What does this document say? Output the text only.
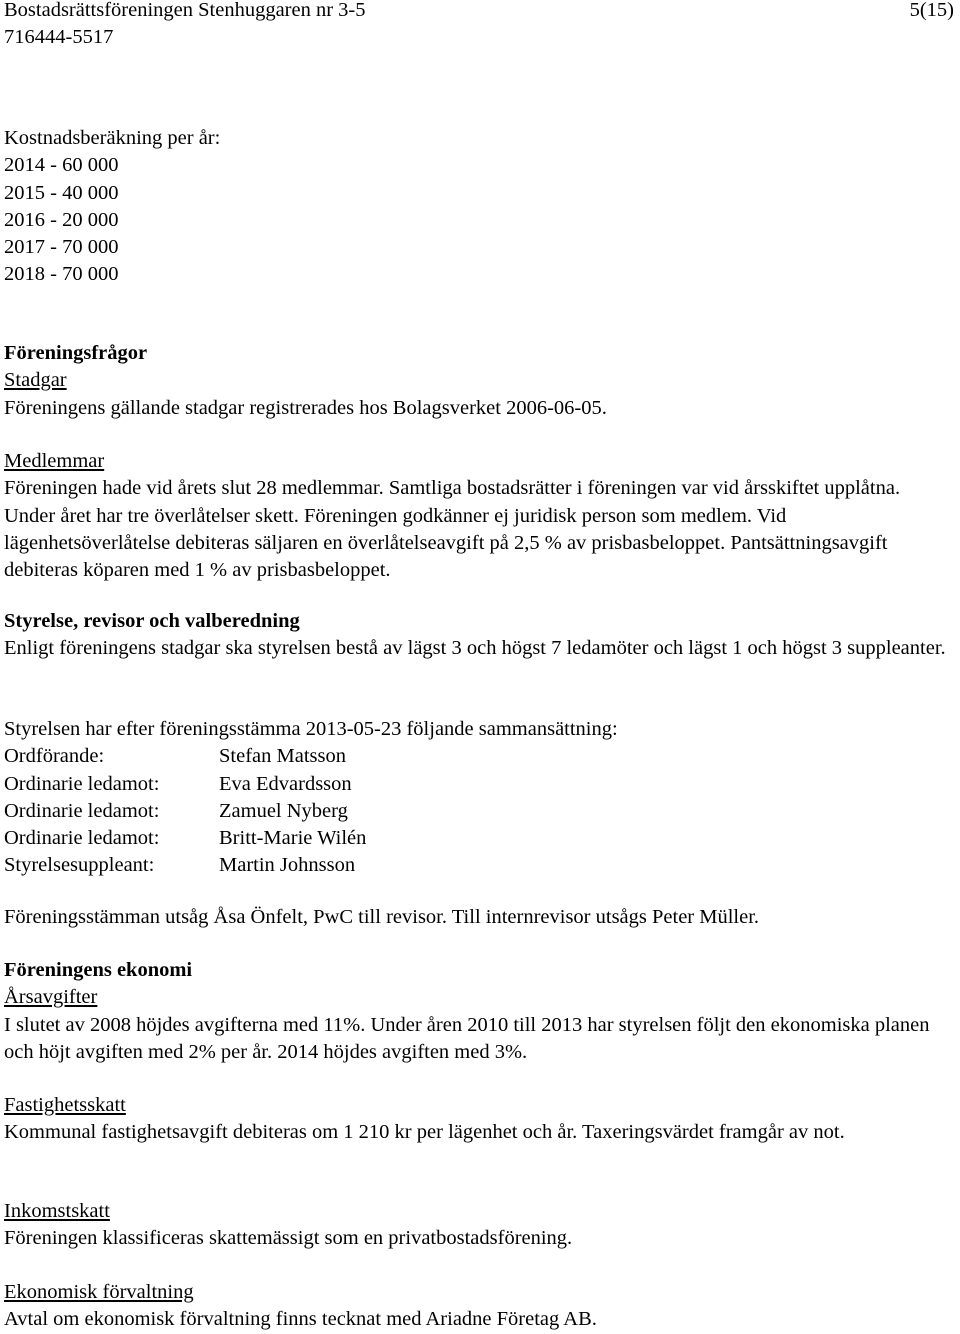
Bostadsrättsföreningen Stenhuggaren nr 3-5
716444-5517
5(15)

Kostnadsberäkning per år:

2014 - 60 000
2015 - 40 000
2016 - 20 000
2017 - 70 000
2018 - 70 000

Föreningsfrågor

Stadgar

Föreningens gällande stadgar registrerades hos Bolagsverket 2006-06-05.

Medlemmar

Föreningen hade vid årets slut 28 medlemmar. Samtliga bostadsrätter i föreningen var vid årsskiftet upplåtna. Under året har tre överlåtelser skett. Föreningen godkänner ej juridisk person som medlem. Vid lägenhetsöverlåtelse debiteras säljaren en överlåtelseavgift på 2,5 % av prisbasbeloppet. Pantsättningsavgift debiteras köparen med 1 % av prisbasbeloppet.

Styrelse, revisor och valberedning

Enligt föreningens stadgar ska styrelsen bestå av lägst 3 och högst 7 ledamöter och lägst 1 och högst 3 suppleanter.

Styrelsen har efter föreningsstämma 2013-05-23 följande sammansättning:

Ordförande:	Stefan Matsson
Ordinarie ledamot:	Eva Edvardsson
Ordinarie ledamot:	Zamuel Nyberg
Ordinarie ledamot:	Britt-Marie Wilén
Styrelsesuppleant:	Martin Johnsson

Föreningsstämman utsåg Åsa Önfelt, PwC till revisor. Till internrevisor utsågs Peter Müller.

Föreningens ekonomi

Årsavgifter

I slutet av 2008 höjdes avgifterna med 11%. Under åren 2010 till 2013 har styrelsen följt den ekonomiska planen och höjt avgiften med 2% per år. 2014 höjdes avgiften med 3%.

Fastighetsskatt

Kommunal fastighetsavgift debiteras om 1 210 kr per lägenhet och år. Taxeringsvärdet framgår av not.

Inkomstskatt

Föreningen klassificeras skattemässigt som en privatbostadsförening.

Ekonomisk förvaltning

Avtal om ekonomisk förvaltning finns tecknat med Ariadne Företag AB.
